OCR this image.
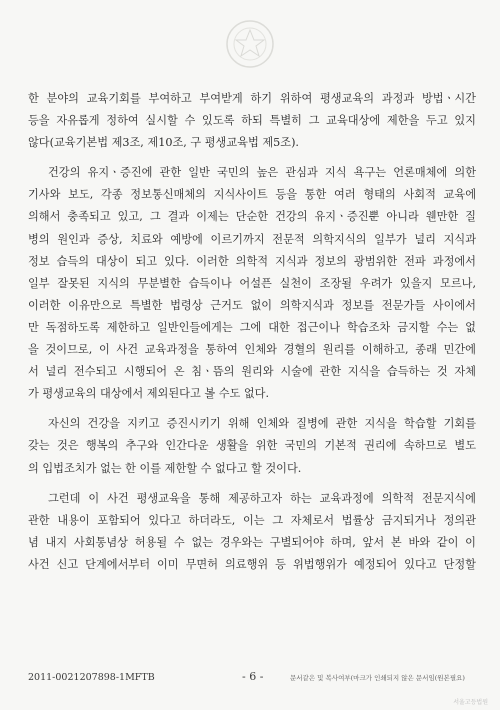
한 분야의 교육기회를 부여하고 부여받게 하기 위하여 평생교육의 과정과 방법ㆍ시간
등을 자유롭게 정하여 실시할 수 있도록 하되 특별히 그 교육대상에 제한을 두고 있지
않다(교육기본법 제3조, 제10조, 구 평생교육법 제5조).
건강의 유지ㆍ증진에 관한 일반 국민의 높은 관심과 지식 욕구는 언론매체에 의한
기사와 보도, 각종 정보통신매체의 지식사이트 등을 통한 여러 형태의 사회적 교육에
의해서 충족되고 있고, 그 결과 이제는 단순한 건강의 유지ㆍ증진뿐 아니라 웬만한 질
병의 원인과 증상, 치료와 예방에 이르기까지 전문적 의학지식의 일부가 널리 지식과
정보 습득의 대상이 되고 있다. 이러한 의학적 지식과 정보의 광범위한 전파 과정에서
일부 잘못된 지식의 무분별한 습득이나 어설픈 실천이 조장될 우려가 있을지 모르나,
이러한 이유만으로 특별한 법령상 근거도 없이 의학지식과 정보를 전문가들 사이에서
만 독점하도록 제한하고 일반인들에게는 그에 대한 접근이나 학습조차 금지할 수는 없
을 것이므로, 이 사건 교육과정을 통하여 인체와 경혈의 원리를 이해하고, 종래 민간에
서 널리 전수되고 시행되어 온 침ㆍ뜸의 원리와 시술에 관한 지식을 습득하는 것 자체
가 평생교육의 대상에서 제외된다고 볼 수도 없다.
자신의 건강을 지키고 증진시키기 위해 인체와 질병에 관한 지식을 학습할 기회를
갖는 것은 행복의 추구와 인간다운 생활을 위한 국민의 기본적 권리에 속하므로 별도
의 입법조치가 없는 한 이를 제한할 수 없다고 할 것이다.
그런데 이 사건 평생교육을 통해 제공하고자 하는 교육과정에 의학적 전문지식에
관한 내용이 포함되어 있다고 하더라도, 이는 그 자체로서 법률상 금지되거나 정의관
념 내지 사회통념상 허용될 수 없는 경우와는 구별되어야 하며, 앞서 본 바와 같이 이
사건 신고 단계에서부터 이미 무면허 의료행위 등 위법행위가 예정되어 있다고 단정할
2011-0021207898-1MFTB	- 6 -	문서같은 및 복사여부(마크가 인쇄되지 않은 문서임(원본필요)
서울고등법원
